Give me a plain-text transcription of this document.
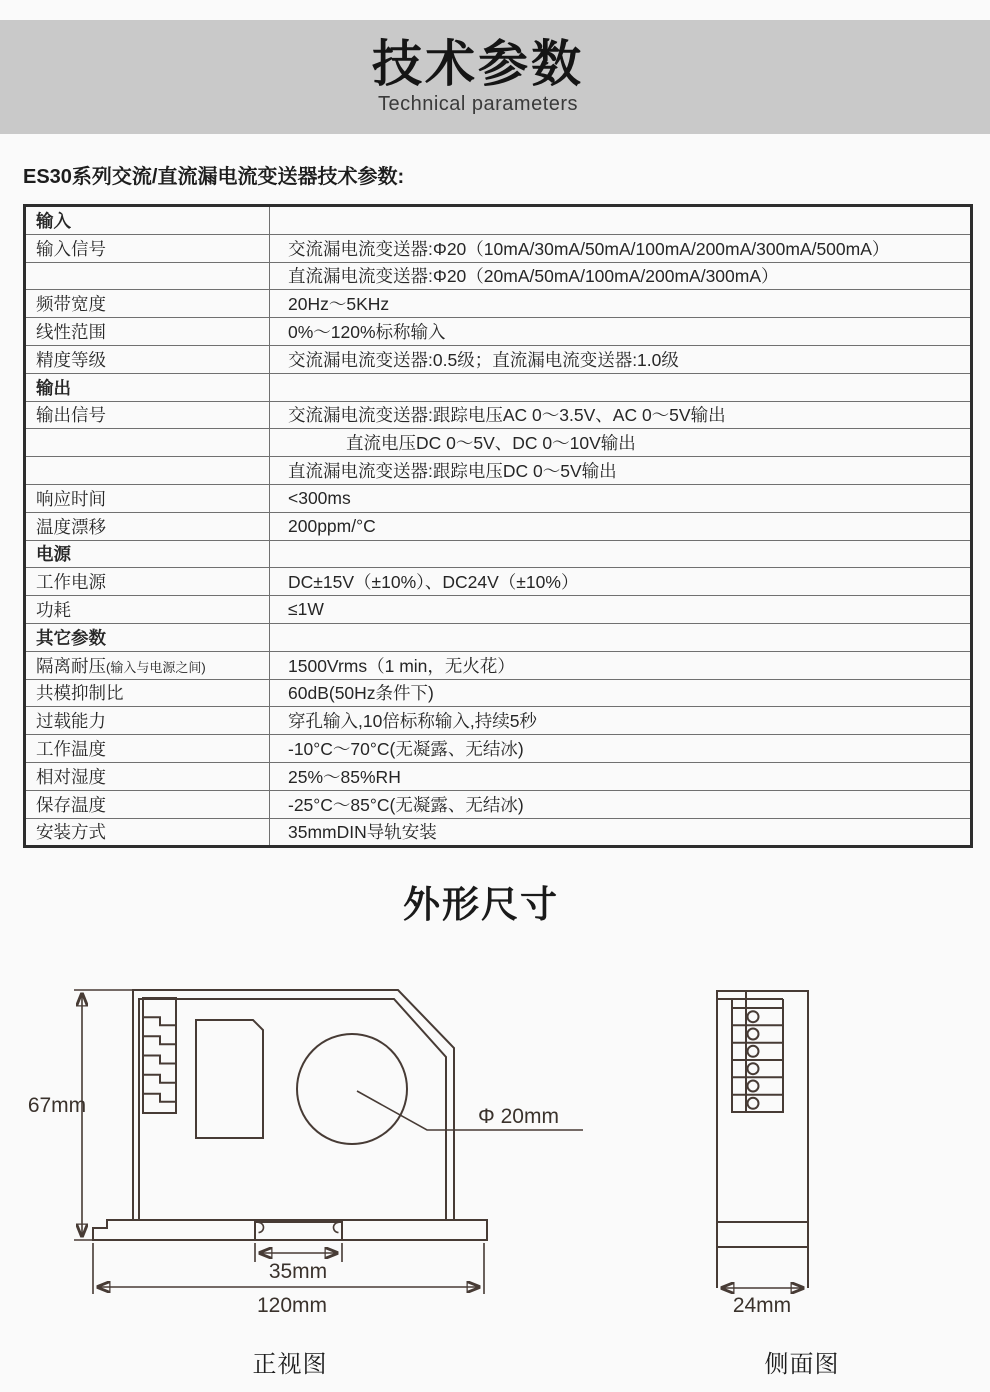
技术参数
Technical parameters
ES30系列交流/直流漏电流变送器技术参数:
输入	
输入信号	交流漏电流变送器:Φ20（10mA/30mA/50mA/100mA/200mA/300mA/500mA）
	直流漏电流变送器:Φ20（20mA/50mA/100mA/200mA/300mA）
频带宽度	20Hz～5KHz
线性范围	0%～120%标称输入
精度等级	交流漏电流变送器:0.5级；直流漏电流变送器:1.0级
输出	
输出信号	交流漏电流变送器:跟踪电压AC 0～3.5V、AC 0～5V输出
	直流电压DC 0～5V、DC 0～10V输出
	直流漏电流变送器:跟踪电压DC 0～5V输出
响应时间	<300ms
温度漂移	200ppm/°C
电源	
工作电源	DC±15V（±10%）、DC24V（±10%）
功耗	≤1W
其它参数	
隔离耐压(输入与电源之间)	1500Vrms（1 min，无火花）
共模抑制比	60dB(50Hz条件下)
过载能力	穿孔输入,10倍标称输入,持续5秒
工作温度	-10°C～70°C(无凝露、无结冰)
相对湿度	25%～85%RH
保存温度	-25°C～85°C(无凝露、无结冰)
安装方式	35mmDIN导轨安装
外形尺寸
67mm	Φ 20mm
35mm
120mm	24mm
正视图	侧面图
